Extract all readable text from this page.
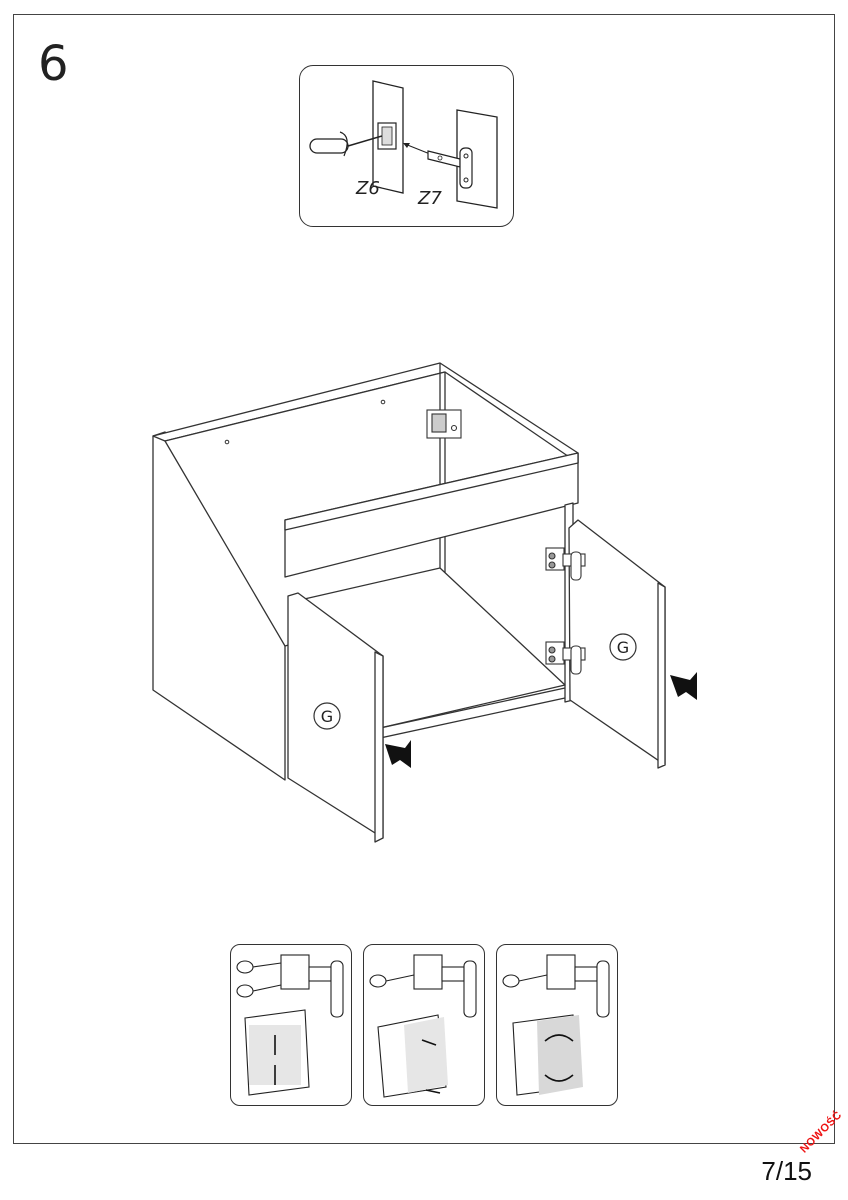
6
Z6 Z7
G
G
7/15
NOWOŚĆ
